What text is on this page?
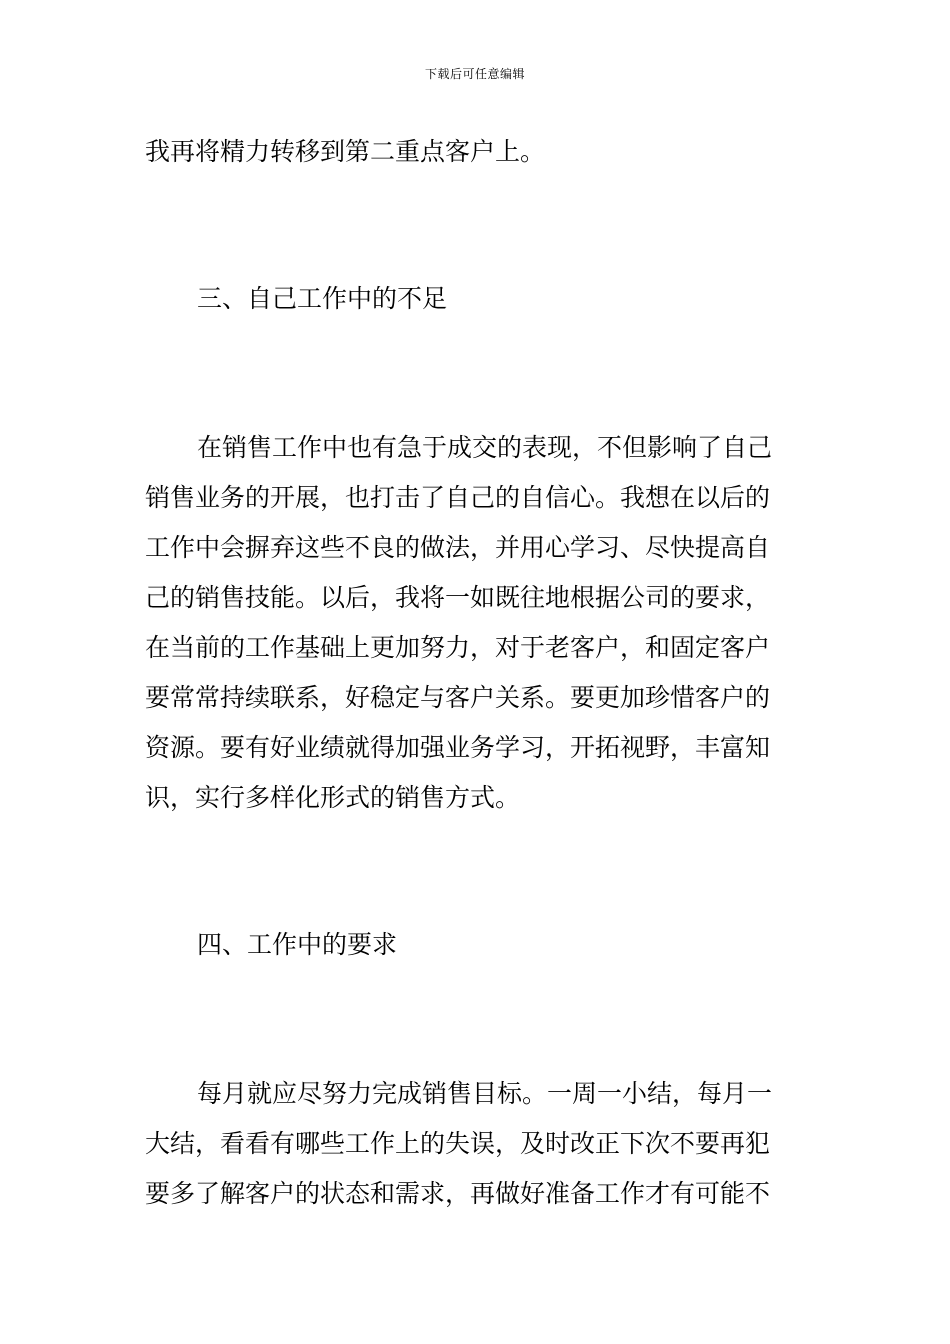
下载后可任意编辑
我再将精力转移到第二重点客户上。
三、自己工作中的不足
在销售工作中也有急于成交的表现，不但影响了自己
销售业务的开展，也打击了自己的自信心。我想在以后的
工作中会摒弃这些不良的做法，并用心学习、尽快提高自
己的销售技能。以后，我将一如既往地根据公司的要求，
在当前的工作基础上更加努力，对于老客户，和固定客户
要常常持续联系，好稳定与客户关系。要更加珍惜客户的
资源。要有好业绩就得加强业务学习，开拓视野，丰富知
识，实行多样化形式的销售方式。
四、工作中的要求
每月就应尽努力完成销售目标。一周一小结，每月一
大结，看看有哪些工作上的失误，及时改正下次不要再犯
要多了解客户的状态和需求，再做好准备工作才有可能不
